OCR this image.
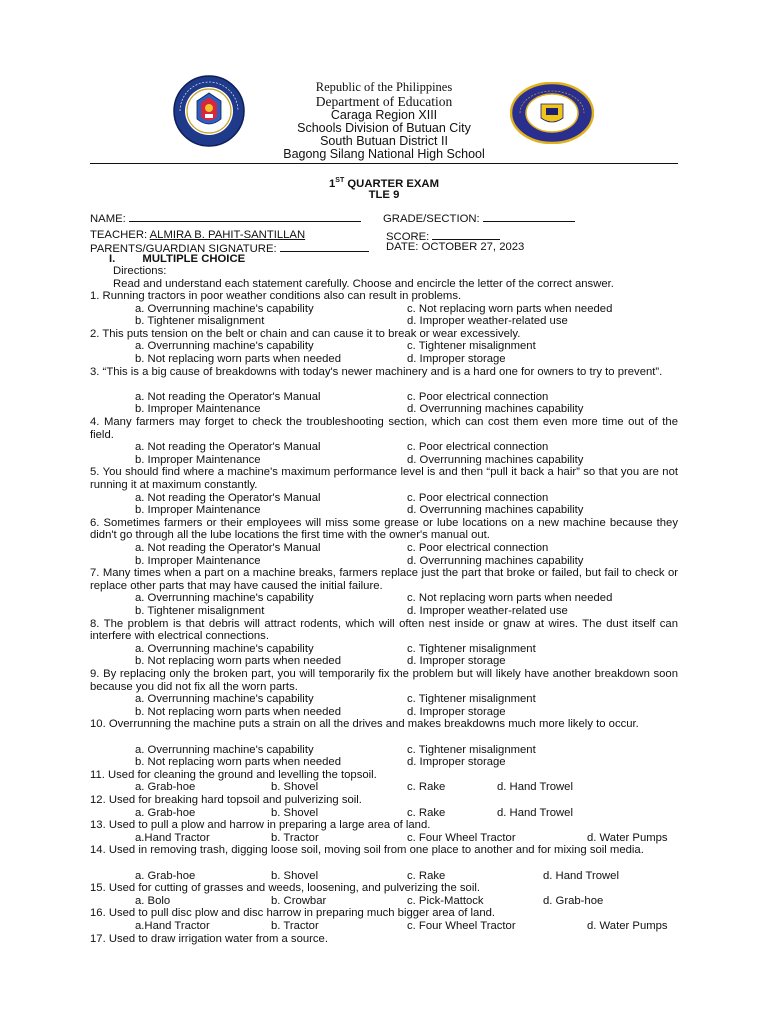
Republic of the Philippines
Department of Education
Caraga Region XIII
Schools Division of Butuan City
South Butuan District II
Bagong Silang National High School
1ST QUARTER EXAM
TLE 9
NAME:	GRADE/SECTION:
TEACHER: ALMIRA B. PAHIT-SANTILLAN	SCORE:
PARENTS/GUARDIAN SIGNATURE:	DATE: OCTOBER 27, 2023
I. MULTIPLE CHOICE
Directions:
Read and understand each statement carefully. Choose and encircle the letter of the correct answer.
1. Running tractors in poor weather conditions also can result in problems.
a. Overrunning machine's capability	c. Not replacing worn parts when needed
b. Tightener misalignment	d. Improper weather-related use
2. This puts tension on the belt or chain and can cause it to break or wear excessively.
a. Overrunning machine's capability	c. Tightener misalignment
b. Not replacing worn parts when needed	d. Improper storage
3. “This is a big cause of breakdowns with today's newer machinery and is a hard one for owners to try to prevent”.
a. Not reading the Operator's Manual	c. Poor electrical connection
b. Improper Maintenance	d. Overrunning machines capability
4. Many farmers may forget to check the troubleshooting section, which can cost them even more time out of the field.
a. Not reading the Operator's Manual	c. Poor electrical connection
b. Improper Maintenance	d. Overrunning machines capability
5. You should find where a machine's maximum performance level is and then “pull it back a hair” so that you are not running it at maximum constantly.
a. Not reading the Operator's Manual	c. Poor electrical connection
b. Improper Maintenance	d. Overrunning machines capability
6. Sometimes farmers or their employees will miss some grease or lube locations on a new machine because they didn't go through all the lube locations the first time with the owner's manual out.
a. Not reading the Operator's Manual	c. Poor electrical connection
b. Improper Maintenance	d. Overrunning machines capability
7. Many times when a part on a machine breaks, farmers replace just the part that broke or failed, but fail to check or replace other parts that may have caused the initial failure.
a. Overrunning machine's capability	c. Not replacing worn parts when needed
b. Tightener misalignment	d. Improper weather-related use
8. The problem is that debris will attract rodents, which will often nest inside or gnaw at wires. The dust itself can interfere with electrical connections.
a. Overrunning machine's capability	c. Tightener misalignment
b. Not replacing worn parts when needed	d. Improper storage
9. By replacing only the broken part, you will temporarily fix the problem but will likely have another breakdown soon because you did not fix all the worn parts.
a. Overrunning machine's capability	c. Tightener misalignment
b. Not replacing worn parts when needed	d. Improper storage
10. Overrunning the machine puts a strain on all the drives and makes breakdowns much more likely to occur.
a. Overrunning machine's capability	c. Tightener misalignment
b. Not replacing worn parts when needed	d. Improper storage
11. Used for cleaning the ground and levelling the topsoil.
a. Grab-hoe	b. Shovel	c. Rake	d. Hand Trowel
12. Used for breaking hard topsoil and pulverizing soil.
a. Grab-hoe	b. Shovel	c. Rake	d. Hand Trowel
13. Used to pull a plow and harrow in preparing a large area of land.
a.Hand Tractor	b. Tractor	c. Four Wheel Tractor	d. Water Pumps
14. Used in removing trash, digging loose soil, moving soil from one place to another and for mixing soil media.
a. Grab-hoe	b. Shovel	c. Rake	d. Hand Trowel
15. Used for cutting of grasses and weeds, loosening, and pulverizing the soil.
a. Bolo	b. Crowbar	c. Pick-Mattock	d. Grab-hoe
16. Used to pull disc plow and disc harrow in preparing much bigger area of land.
a.Hand Tractor	b. Tractor	c. Four Wheel Tractor	d. Water Pumps
17. Used to draw irrigation water from a source.
